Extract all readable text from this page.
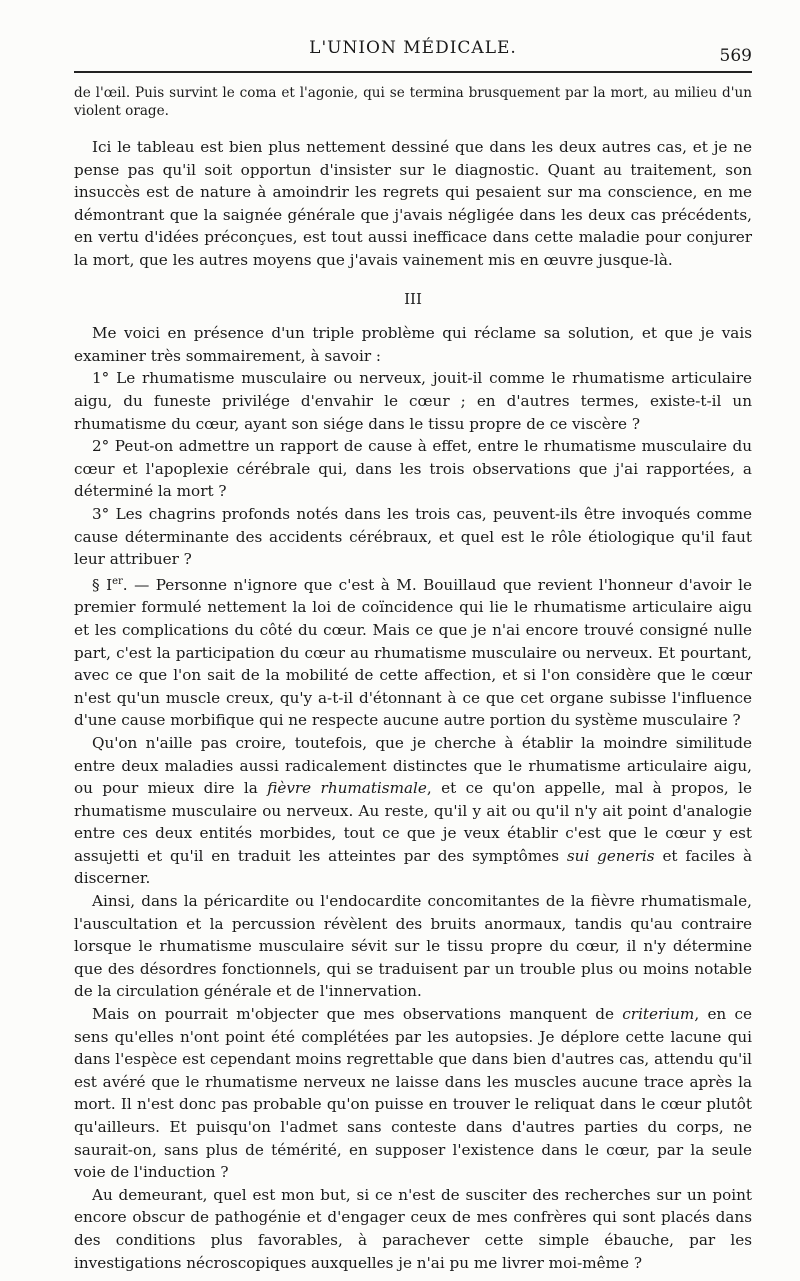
L'UNION MÉDICALE.	569

de l'œil. Puis survint le coma et l'agonie, qui se termina brusquement par la mort, au milieu d'un violent orage.

Ici le tableau est bien plus nettement dessiné que dans les deux autres cas, et je ne pense pas qu'il soit opportun d'insister sur le diagnostic. Quant au traitement, son insuccès est de nature à amoindrir les regrets qui pesaient sur ma conscience, en me démontrant que la saignée générale que j'avais négligée dans les deux cas précédents, en vertu d'idées préconçues, est tout aussi inefficace dans cette maladie pour conjurer la mort, que les autres moyens que j'avais vainement mis en œuvre jusque-là.

III

Me voici en présence d'un triple problème qui réclame sa solution, et que je vais examiner très sommairement, à savoir :

1° Le rhumatisme musculaire ou nerveux, jouit-il comme le rhumatisme articulaire aigu, du funeste privilége d'envahir le cœur ; en d'autres termes, existe-t-il un rhumatisme du cœur, ayant son siége dans le tissu propre de ce viscère ?

2° Peut-on admettre un rapport de cause à effet, entre le rhumatisme musculaire du cœur et l'apoplexie cérébrale qui, dans les trois observations que j'ai rapportées, a déterminé la mort ?

3° Les chagrins profonds notés dans les trois cas, peuvent-ils être invoqués comme cause déterminante des accidents cérébraux, et quel est le rôle étiologique qu'il faut leur attribuer ?

§ Ier. — Personne n'ignore que c'est à M. Bouillaud que revient l'honneur d'avoir le premier formulé nettement la loi de coïncidence qui lie le rhumatisme articulaire aigu et les complications du côté du cœur. Mais ce que je n'ai encore trouvé consigné nulle part, c'est la participation du cœur au rhumatisme musculaire ou nerveux. Et pourtant, avec ce que l'on sait de la mobilité de cette affection, et si l'on considère que le cœur n'est qu'un muscle creux, qu'y a-t-il d'étonnant à ce que cet organe subisse l'influence d'une cause morbifique qui ne respecte aucune autre portion du système musculaire ?

Qu'on n'aille pas croire, toutefois, que je cherche à établir la moindre similitude entre deux maladies aussi radicalement distinctes que le rhumatisme articulaire aigu, ou pour mieux dire la fièvre rhumatismale, et ce qu'on appelle, mal à propos, le rhumatisme musculaire ou nerveux. Au reste, qu'il y ait ou qu'il n'y ait point d'analogie entre ces deux entités morbides, tout ce que je veux établir c'est que le cœur y est assujetti et qu'il en traduit les atteintes par des symptômes sui generis et faciles à discerner.

Ainsi, dans la péricardite ou l'endocardite concomitantes de la fièvre rhumatismale, l'auscultation et la percussion révèlent des bruits anormaux, tandis qu'au contraire lorsque le rhumatisme musculaire sévit sur le tissu propre du cœur, il n'y détermine que des désordres fonctionnels, qui se traduisent par un trouble plus ou moins notable de la circulation générale et de l'innervation.

Mais on pourrait m'objecter que mes observations manquent de criterium, en ce sens qu'elles n'ont point été complétées par les autopsies. Je déplore cette lacune qui dans l'espèce est cependant moins regrettable que dans bien d'autres cas, attendu qu'il est avéré que le rhumatisme nerveux ne laisse dans les muscles aucune trace après la mort. Il n'est donc pas probable qu'on puisse en trouver le reliquat dans le cœur plutôt qu'ailleurs. Et puisqu'on l'admet sans conteste dans d'autres parties du corps, ne saurait-on, sans plus de témérité, en supposer l'existence dans le cœur, par la seule voie de l'induction ?

Au demeurant, quel est mon but, si ce n'est de susciter des recherches sur un point encore obscur de pathogénie et d'engager ceux de mes confrères qui sont placés dans des conditions plus favorables, à parachever cette simple ébauche, par les investigations nécroscopiques auxquelles je n'ai pu me livrer moi-même ?
